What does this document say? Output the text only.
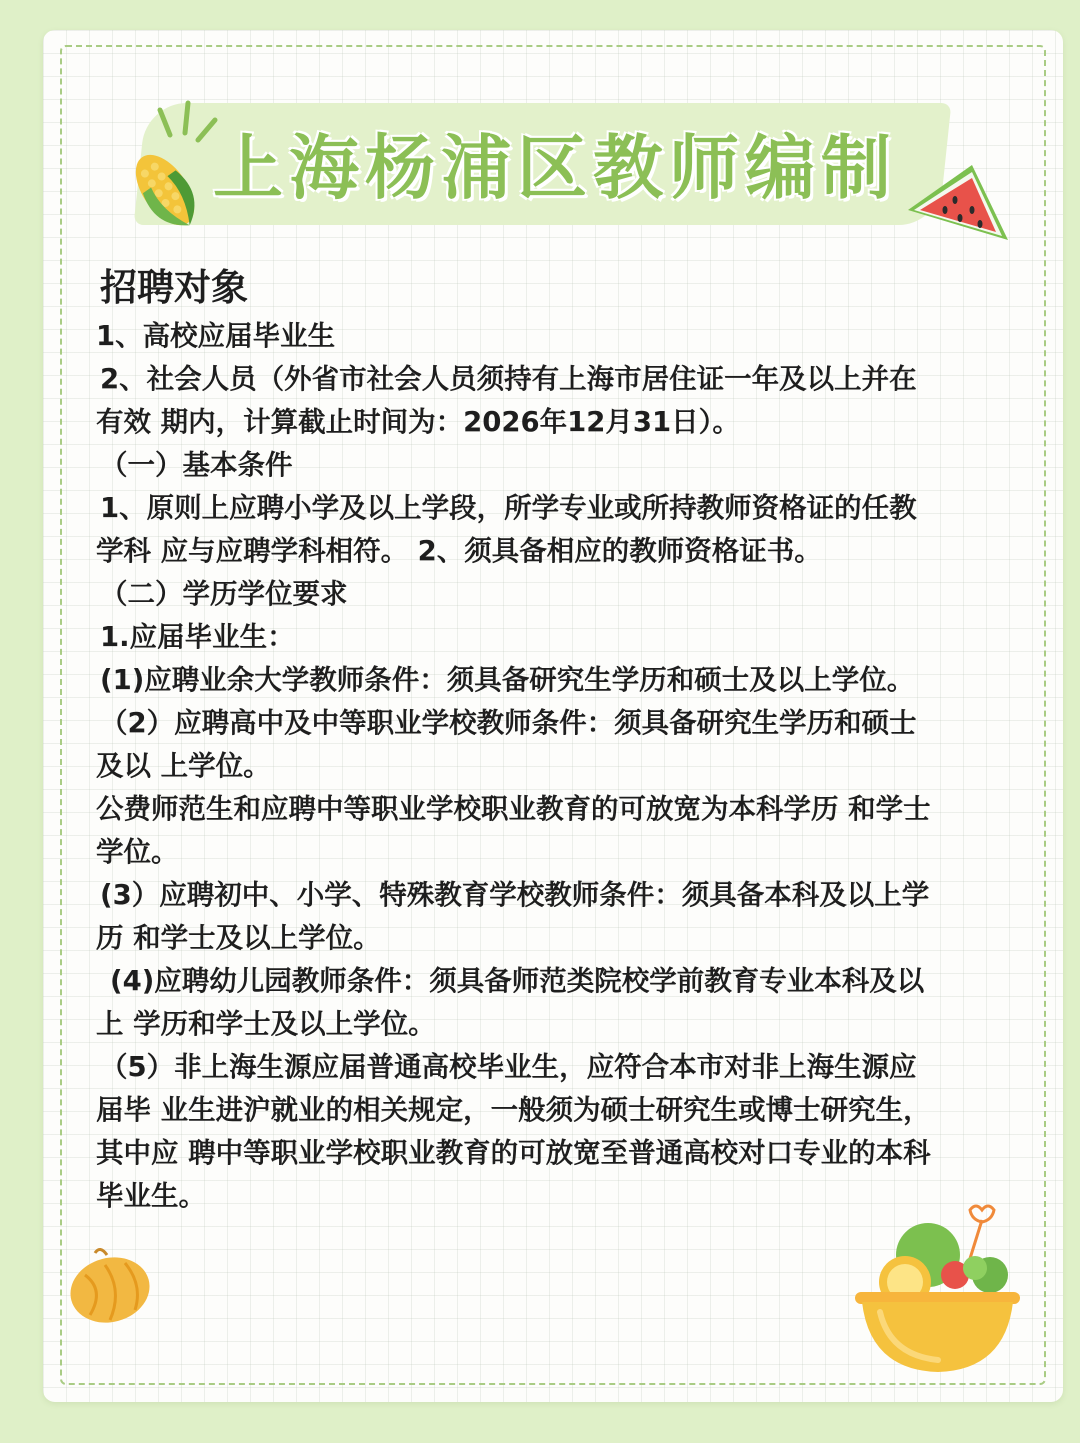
上海杨浦区教师编制
招聘对象

1、高校应届毕业生

2、社会人员（外省市社会人员须持有上海市居住证一年及以上并在

有效 期内，计算截止时间为：2026年12月31日）。

（一）基本条件

1、原则上应聘小学及以上学段，所学专业或所持教师资格证的任教

学科 应与应聘学科相符。 2、须具备相应的教师资格证书。

（二）学历学位要求

1.应届毕业生：

(1)应聘业余大学教师条件：须具备研究生学历和硕士及以上学位。

（2）应聘高中及中等职业学校教师条件：须具备研究生学历和硕士

及以 上学位。

公费师范生和应聘中等职业学校职业教育的可放宽为本科学历 和学士

学位。

(3）应聘初中、小学、特殊教育学校教师条件：须具备本科及以上学

历 和学士及以上学位。

(4)应聘幼儿园教师条件：须具备师范类院校学前教育专业本科及以

上 学历和学士及以上学位。

（5）非上海生源应届普通高校毕业生，应符合本市对非上海生源应

届毕 业生进沪就业的相关规定，一般须为硕士研究生或博士研究生，

其中应 聘中等职业学校职业教育的可放宽至普通高校对口专业的本科

毕业生。
